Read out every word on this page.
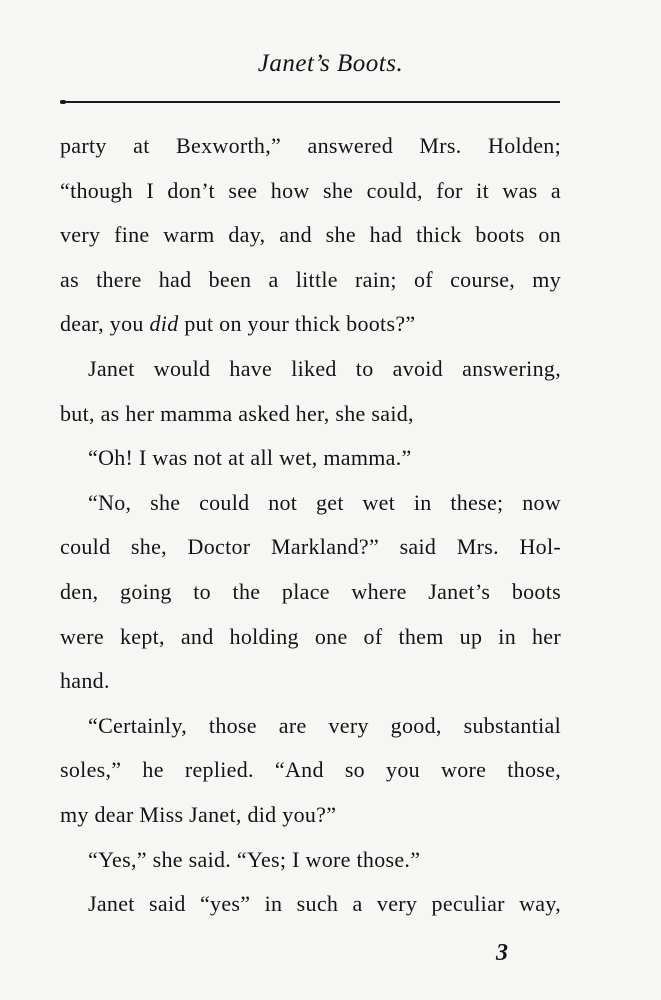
Janet’s Boots.
party at Bexworth,” answered Mrs. Holden;
“though I don’t see how she could, for it was a
very fine warm day, and she had thick boots on
as there had been a little rain; of course, my
dear, you did put on your thick boots?”
Janet would have liked to avoid answering,
but, as her mamma asked her, she said,
“Oh! I was not at all wet, mamma.”
“No, she could not get wet in these; now
could she, Doctor Markland?” said Mrs. Hol-
den, going to the place where Janet’s boots
were kept, and holding one of them up in her
hand.
“Certainly, those are very good, substantial
soles,” he replied. “And so you wore those,
my dear Miss Janet, did you?”
“Yes,” she said. “Yes; I wore those.”
Janet said “yes” in such a very peculiar way,
3
